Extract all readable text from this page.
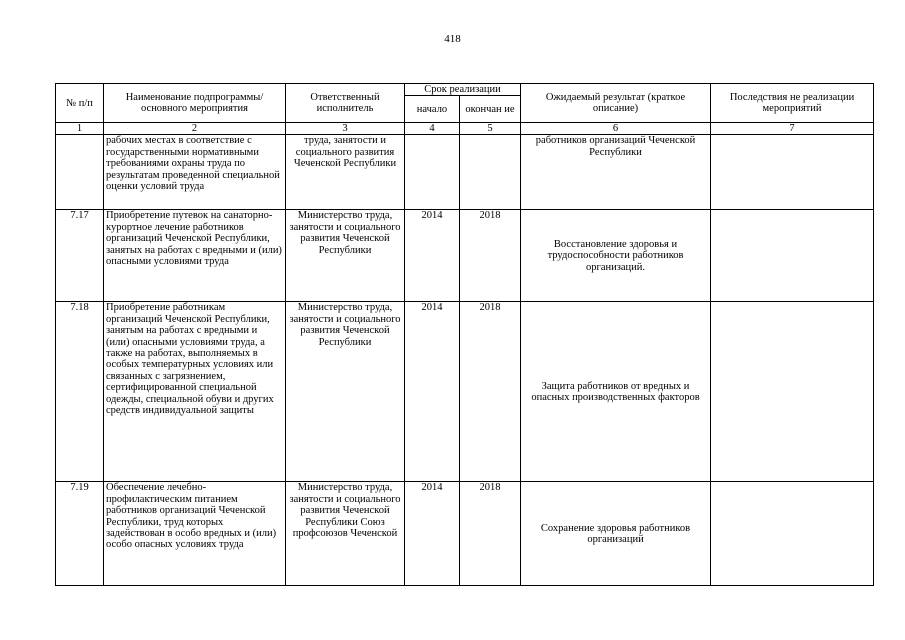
418
№ п/п	Наименование подпрограммы/ основного мероприятия	Ответственный исполнитель	Срок реализации		Ожидаемый результат (краткое описание)	Последствия не реализации мероприятий
			начало	окончан ие		
1	2	3	4	5	6	7
	рабочих местах в соответствие с государственными нормативными требованиями охраны труда по результатам проведенной специальной оценки условий труда	труда, занятости и социального развития Чеченской Республики			работников организаций Чеченской Республики	
7.17	Приобретение путевок на санаторно-курортное лечение работников организаций Чеченской Республики, занятых на работах с вредными и (или) опасными условиями труда	Министерство труда, занятости и социального развития Чеченской Республики	2014	2018	Восстановление здоровья и трудоспособности работников организаций.	
7.18	Приобретение работникам организаций Чеченской Республики, занятым на работах с вредными и (или) опасными условиями труда, а также на работах, выполняемых в особых температурных условиях или связанных с загрязнением, сертифицированной специальной одежды, специальной обуви и других средств индивидуальной защиты	Министерство труда, занятости и социального развития Чеченской Республики	2014	2018	Защита работников от вредных и опасных производственных факторов	
7.19	Обеспечение лечебно-профилактическим питанием работников организаций Чеченской Республики, труд которых задействован в особо вредных и (или) особо опасных условиях труда	Министерство труда, занятости и социального развития Чеченской Республики Союз профсоюзов Чеченской	2014	2018	Сохранение здоровья работников организаций	
